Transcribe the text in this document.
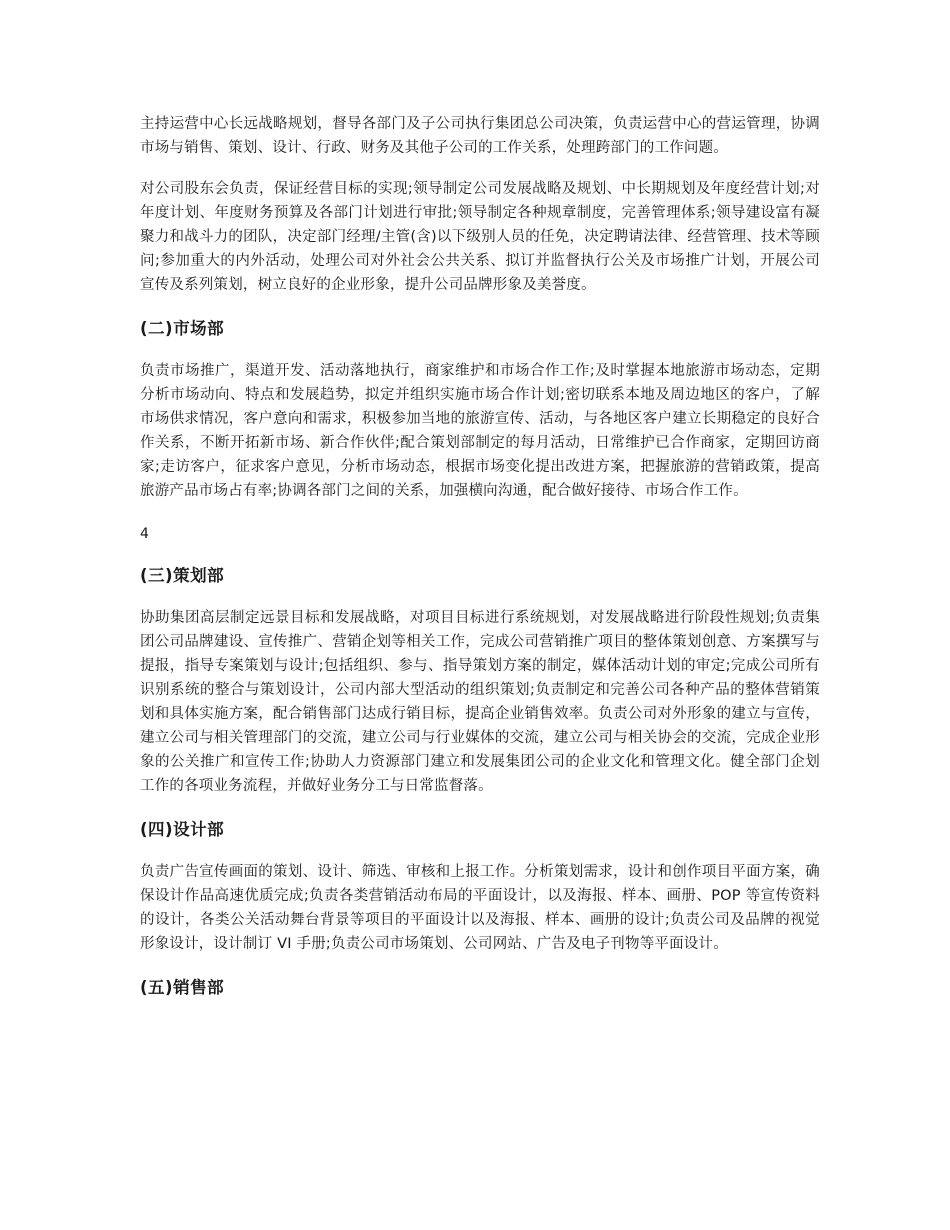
主持运营中心长远战略规划，督导各部门及子公司执行集团总公司决策，负责运营中心的营运管理，协调市场与销售、策划、设计、行政、财务及其他子公司的工作关系，处理跨部门的工作问题。

对公司股东会负责，保证经营目标的实现;领导制定公司发展战略及规划、中长期规划及年度经营计划;对年度计划、年度财务预算及各部门计划进行审批;领导制定各种规章制度，完善管理体系;领导建设富有凝聚力和战斗力的团队，决定部门经理/主管(含)以下级别人员的任免，决定聘请法律、经营管理、技术等顾问;参加重大的内外活动，处理公司对外社会公共关系、拟订并监督执行公关及市场推广计划，开展公司宣传及系列策划，树立良好的企业形象，提升公司品牌形象及美誉度。

(二)市场部

负责市场推广，渠道开发、活动落地执行，商家维护和市场合作工作;及时掌握本地旅游市场动态，定期分析市场动向、特点和发展趋势，拟定并组织实施市场合作计划;密切联系本地及周边地区的客户，了解市场供求情况，客户意向和需求，积极参加当地的旅游宣传、活动，与各地区客户建立长期稳定的良好合作关系，不断开拓新市场、新合作伙伴;配合策划部制定的每月活动，日常维护已合作商家，定期回访商家;走访客户，征求客户意见，分析市场动态，根据市场变化提出改进方案，把握旅游的营销政策，提高旅游产品市场占有率;协调各部门之间的关系，加强横向沟通，配合做好接待、市场合作工作。

4

(三)策划部

协助集团高层制定远景目标和发展战略，对项目目标进行系统规划，对发展战略进行阶段性规划;负责集团公司品牌建设、宣传推广、营销企划等相关工作，完成公司营销推广项目的整体策划创意、方案撰写与提报，指导专案策划与设计;包括组织、参与、指导策划方案的制定，媒体活动计划的审定;完成公司所有识别系统的整合与策划设计，公司内部大型活动的组织策划;负责制定和完善公司各种产品的整体营销策划和具体实施方案，配合销售部门达成行销目标，提高企业销售效率。负责公司对外形象的建立与宣传，建立公司与相关管理部门的交流，建立公司与行业媒体的交流，建立公司与相关协会的交流，完成企业形象的公关推广和宣传工作;协助人力资源部门建立和发展集团公司的企业文化和管理文化。健全部门企划工作的各项业务流程，并做好业务分工与日常监督落。

(四)设计部

负责广告宣传画面的策划、设计、筛选、审核和上报工作。分析策划需求，设计和创作项目平面方案，确保设计作品高速优质完成;负责各类营销活动布局的平面设计，以及海报、样本、画册、POP 等宣传资料的设计，各类公关活动舞台背景等项目的平面设计以及海报、样本、画册的设计;负责公司及品牌的视觉形象设计，设计制订 VI 手册;负责公司市场策划、公司网站、广告及电子刊物等平面设计。

(五)销售部
